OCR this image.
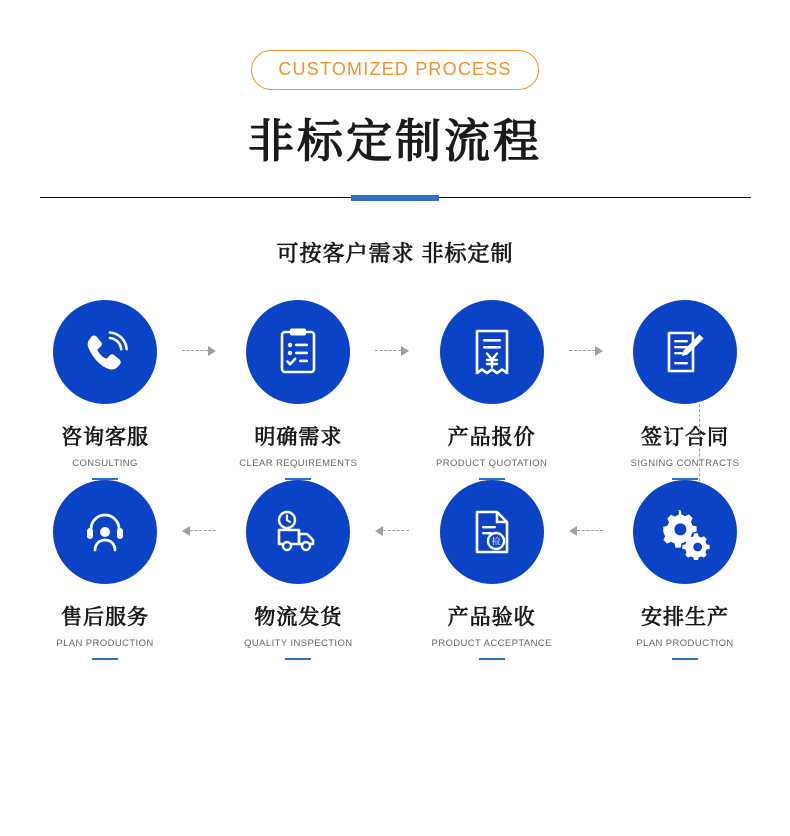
CUSTOMIZED PROCESS
非标定制流程
可按客户需求 非标定制
咨询客服
CONSULTING
明确需求
CLEAR REQUIREMENTS
产品报价
PRODUCT QUOTATION
签订合同
SIGNING CONTRACTS
售后服务
PLAN PRODUCTION
物流发货
QUALITY INSPECTION
检
产品验收
PRODUCT ACCEPTANCE
安排生产
PLAN PRODUCTION
